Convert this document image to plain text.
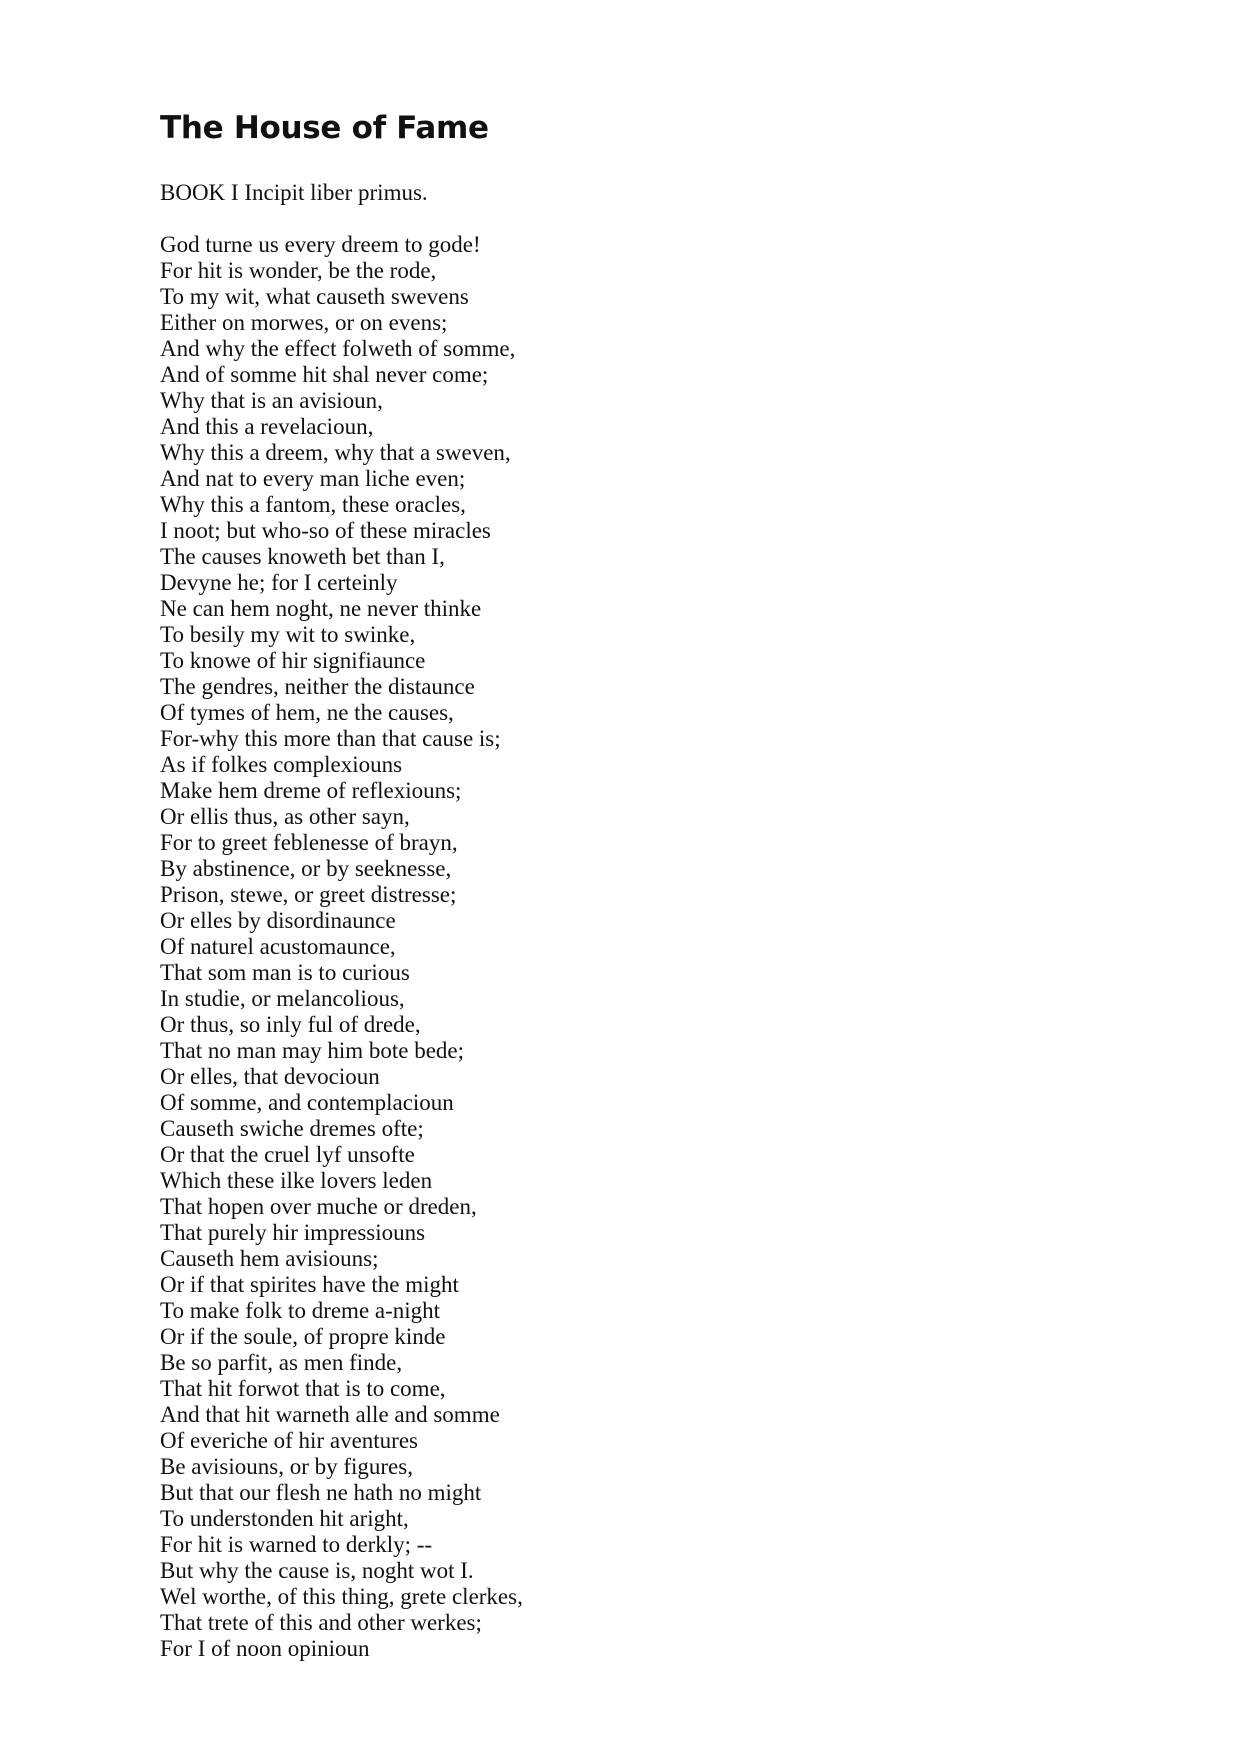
The House of Fame

BOOK I Incipit liber primus.

God turne us every dreem to gode!
For hit is wonder, be the rode,
To my wit, what causeth swevens
Either on morwes, or on evens;
And why the effect folweth of somme,
And of somme hit shal never come;
Why that is an avisioun,
And this a revelacioun,
Why this a dreem, why that a sweven,
And nat to every man liche even;
Why this a fantom, these oracles,
I noot; but who-so of these miracles
The causes knoweth bet than I,
Devyne he; for I certeinly
Ne can hem noght, ne never thinke
To besily my wit to swinke,
To knowe of hir signifiaunce
The gendres, neither the distaunce
Of tymes of hem, ne the causes,
For-why this more than that cause is;
As if folkes complexiouns
Make hem dreme of reflexiouns;
Or ellis thus, as other sayn,
For to greet feblenesse of brayn,
By abstinence, or by seeknesse,
Prison, stewe, or greet distresse;
Or elles by disordinaunce
Of naturel acustomaunce,
That som man is to curious
In studie, or melancolious,
Or thus, so inly ful of drede,
That no man may him bote bede;
Or elles, that devocioun
Of somme, and contemplacioun
Causeth swiche dremes ofte;
Or that the cruel lyf unsofte
Which these ilke lovers leden
That hopen over muche or dreden,
That purely hir impressiouns
Causeth hem avisiouns;
Or if that spirites have the might
To make folk to dreme a-night
Or if the soule, of propre kinde
Be so parfit, as men finde,
That hit forwot that is to come,
And that hit warneth alle and somme
Of everiche of hir aventures
Be avisiouns, or by figures,
But that our flesh ne hath no might
To understonden hit aright,
For hit is warned to derkly; --
But why the cause is, noght wot I.
Wel worthe, of this thing, grete clerkes,
That trete of this and other werkes;
For I of noon opinioun
